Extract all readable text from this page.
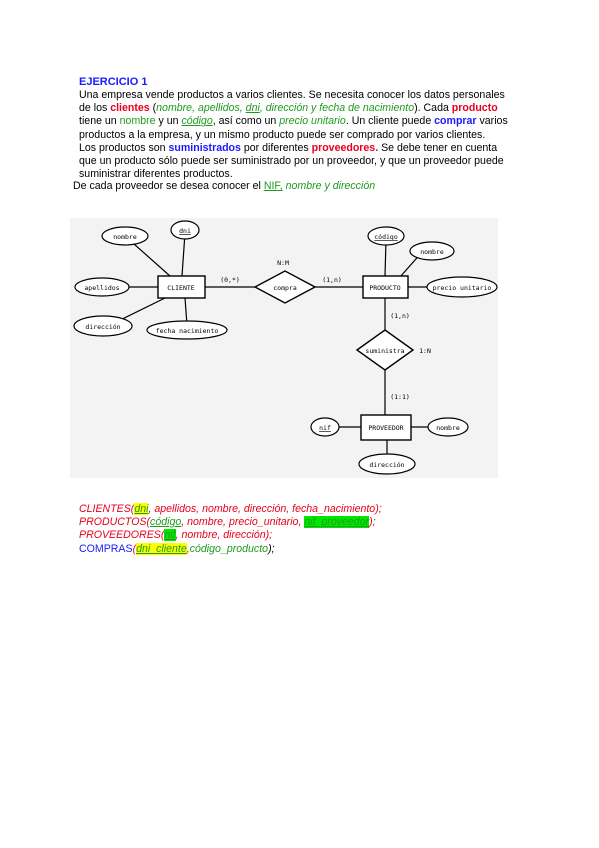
EJERCICIO 1
Una empresa vende productos a varios clientes. Se necesita conocer los datos personales
de los clientes (nombre, apellidos, dni, dirección y fecha de nacimiento). Cada producto
tiene un nombre y un código, así como un precio unitario. Un cliente puede comprar varios
productos a la empresa, y un mismo producto puede ser comprado por varios clientes.
Los productos son suministrados por diferentes proveedores. Se debe tener en cuenta
que un producto sólo puede ser suministrado por un proveedor, y que un proveedor puede
suministrar diferentes productos.
De cada proveedor se desea conocer el NIF, nombre y dirección
CLIENTE	PRODUCTO
PROVEEDOR
compra
suministra
N:M
1:N
(0,*)	(1,n)
(1,n)
(1:1)
nombre
dni
apellidos
dirección	fecha nacimiento
código
nombre
precio unitario
nif	nombre
dirección
CLIENTES(dni, apellidos, nombre, dirección, fecha_nacimiento);
PRODUCTOS(código, nombre, precio_unitario, nif_proveedor);
PROVEEDORES(nif, nombre, dirección);
COMPRAS(dni_cliente,código_producto);
